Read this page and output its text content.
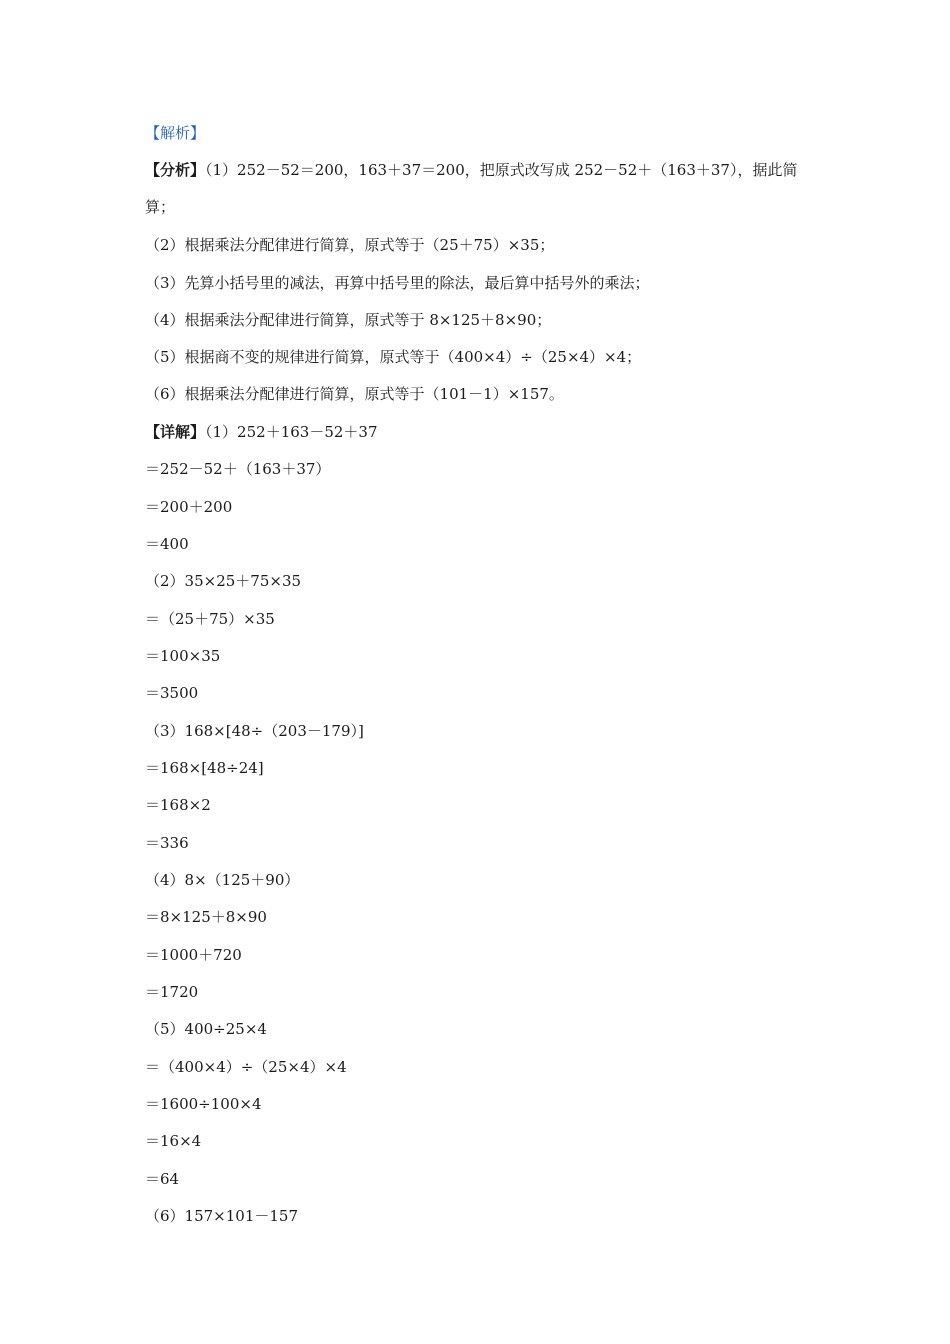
【解析】
【分析】（1）252－52＝200，163＋37＝200，把原式改写成 252－52＋（163＋37），据此简算；
（2）根据乘法分配律进行简算，原式等于（25＋75）×35；
（3）先算小括号里的减法，再算中括号里的除法，最后算中括号外的乘法；
（4）根据乘法分配律进行简算，原式等于 8×125＋8×90；
（5）根据商不变的规律进行简算，原式等于（400×4）÷（25×4）×4；
（6）根据乘法分配律进行简算，原式等于（101－1）×157。
【详解】（1）252＋163－52＋37
＝252－52＋（163＋37）
＝200＋200
＝400
（2）35×25＋75×35
＝（25＋75）×35
＝100×35
＝3500
（3）168×[48÷（203－179）]
＝168×[48÷24]
＝168×2
＝336
（4）8×（125＋90）
＝8×125＋8×90
＝1000＋720
＝1720
（5）400÷25×4
＝（400×4）÷（25×4）×4
＝1600÷100×4
＝16×4
＝64
（6）157×101－157
